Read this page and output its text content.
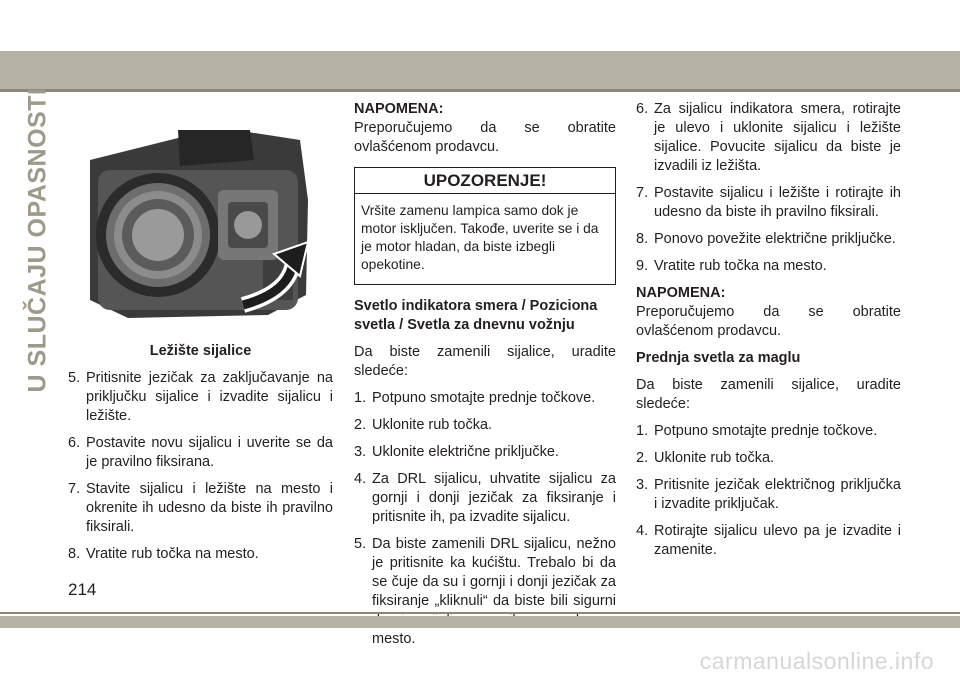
U SLUČAJU OPASNOSTI	Ležište sijalice
5. Pritisnite jezičak za zaključavanje na priključku sijalice i izvadite sijalicu i ležište.
6. Postavite novu sijalicu i uverite se da je pravilno fiksirana.
7. Stavite sijalicu i ležište na mesto i okrenite ih udesno da biste ih pravilno fiksirali.
8. Vratite rub točka na mesto.
NAPOMENA:
Preporučujemo da se obratite ovlašćenom prodavcu.
UPOZORENJE!
Vršite zamenu lampica samo dok je motor isključen. Takođe, uverite se i da je motor hladan, da biste izbegli opekotine.
Svetlo indikatora smera / Poziciona svetla / Svetla za dnevnu vožnju
Da biste zamenili sijalice, uradite sledeće:
1. Potpuno smotajte prednje točkove.
2. Uklonite rub točka.
3. Uklonite električne priključke.
4. Za DRL sijalicu, uhvatite sijalicu za gornji i donji jezičak za fiksiranje i pritisnite ih, pa izvadite sijalicu.
5. Da biste zamenili DRL sijalicu, nežno je pritisnite ka kućištu. Trebalo bi da se čuje da su i gornji i donji jezičak za fiksiranje „kliknuli“ da biste bili sigurni mesto.
6. Za sijalicu indikatora smera, rotirajte je ulevo i uklonite sijalicu i ležište sijalice. Povucite sijalicu da biste je izvadili iz ležišta.
7. Postavite sijalicu i ležište i rotirajte ih udesno da biste ih pravilno fiksirali.
8. Ponovo povežite električne priključke.
9. Vratite rub točka na mesto.
NAPOMENA:
Preporučujemo da se obratite ovlašćenom prodavcu.
Prednja svetla za maglu
Da biste zamenili sijalice, uradite sledeće:
1. Potpuno smotajte prednje točkove.
2. Uklonite rub točka.
3. Pritisnite jezičak električnog priključka i izvadite priključak.
4. Rotirajte sijalicu ulevo pa je izvadite i zamenite.
214
carmanualsonline.info
